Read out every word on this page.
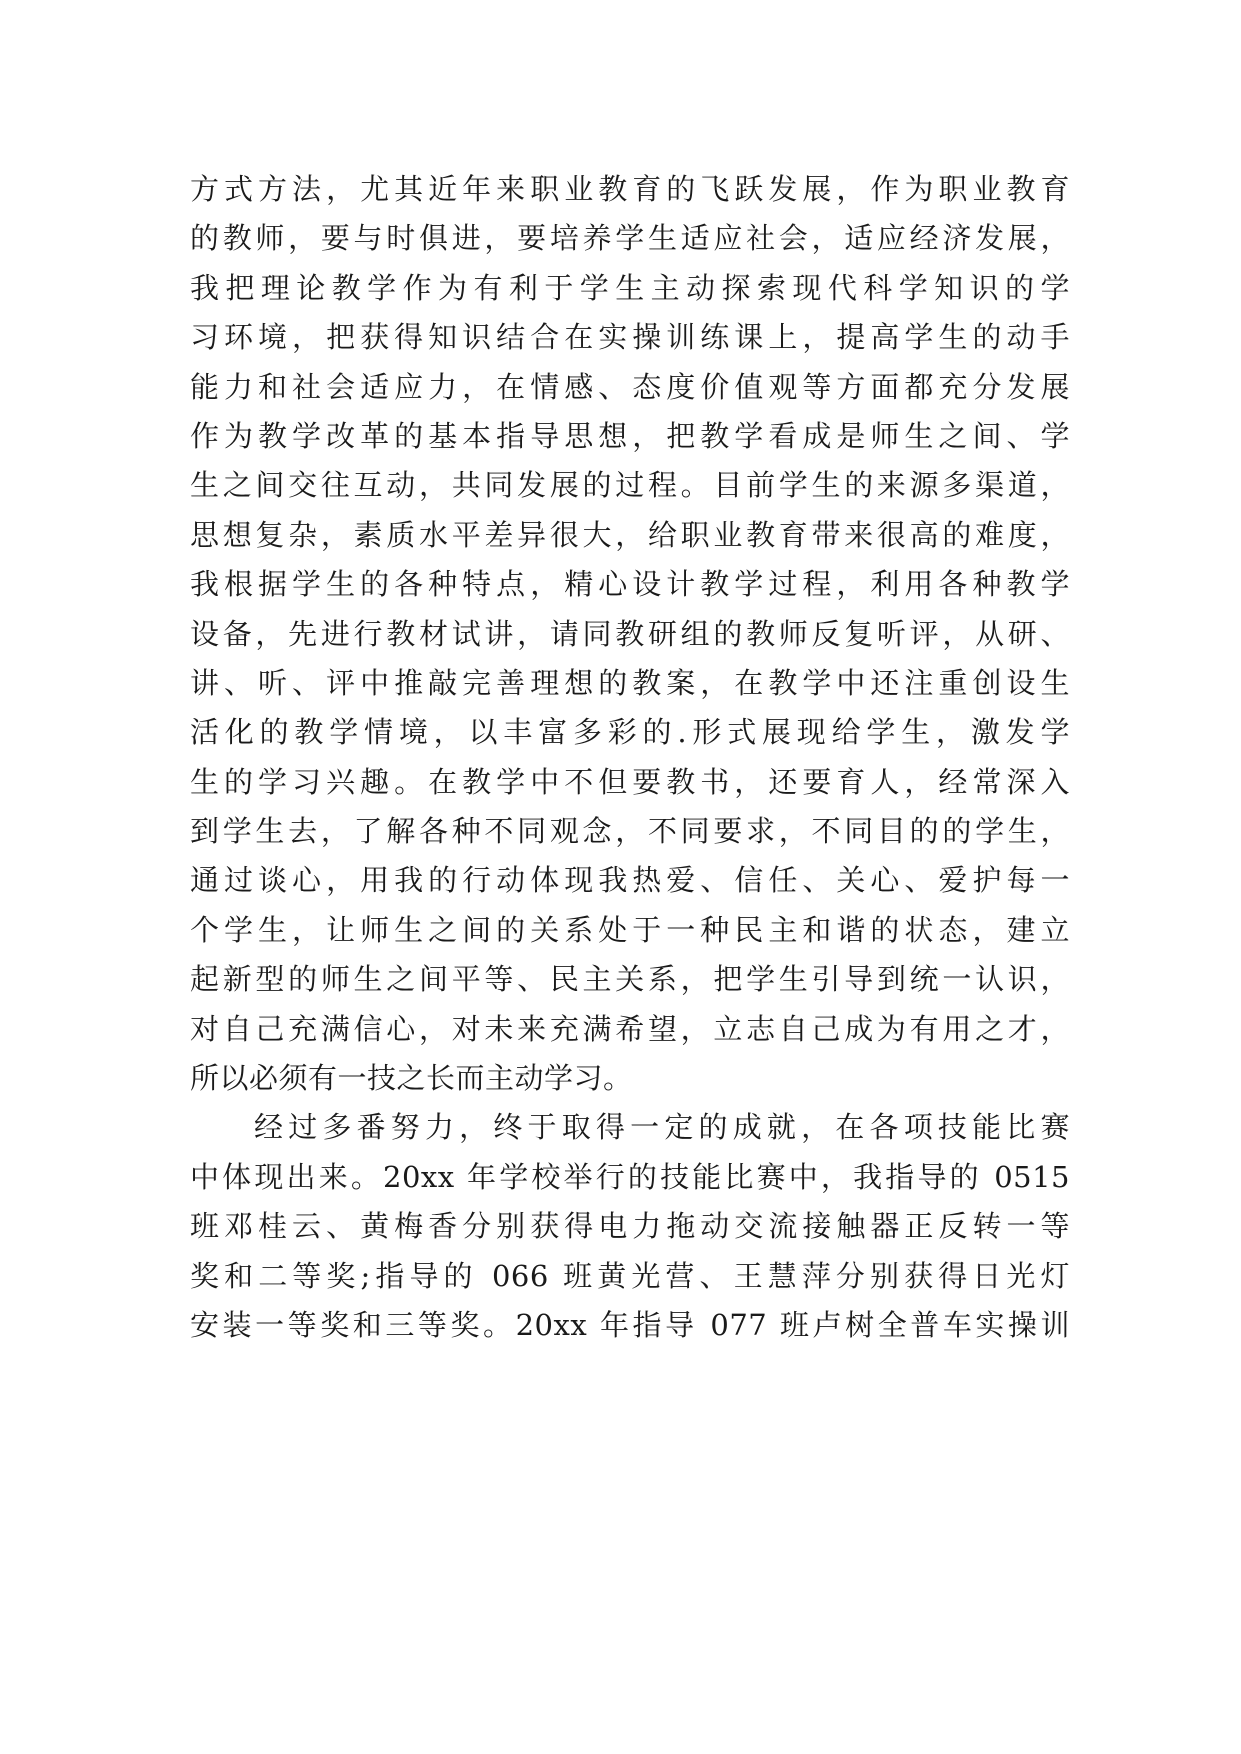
方式方法，尤其近年来职业教育的飞跃发展，作为职业教育
的教师，要与时俱进，要培养学生适应社会，适应经济发展，
我把理论教学作为有利于学生主动探索现代科学知识的学
习环境，把获得知识结合在实操训练课上，提高学生的动手
能力和社会适应力，在情感、态度价值观等方面都充分发展
作为教学改革的基本指导思想，把教学看成是师生之间、学
生之间交往互动，共同发展的过程。目前学生的来源多渠道，
思想复杂，素质水平差异很大，给职业教育带来很高的难度，
我根据学生的各种特点，精心设计教学过程，利用各种教学
设备，先进行教材试讲，请同教研组的教师反复听评，从研、
讲、听、评中推敲完善理想的教案，在教学中还注重创设生
活化的教学情境，以丰富多彩的.形式展现给学生，激发学
生的学习兴趣。在教学中不但要教书，还要育人，经常深入
到学生去，了解各种不同观念，不同要求，不同目的的学生，
通过谈心，用我的行动体现我热爱、信任、关心、爱护每一
个学生，让师生之间的关系处于一种民主和谐的状态，建立
起新型的师生之间平等、民主关系，把学生引导到统一认识，
对自己充满信心，对未来充满希望，立志自己成为有用之才，
所以必须有一技之长而主动学习。
经过多番努力，终于取得一定的成就，在各项技能比赛
中体现出来。20xx 年学校举行的技能比赛中，我指导的 0515
班邓桂云、黄梅香分别获得电力拖动交流接触器正反转一等
奖和二等奖;指导的 066 班黄光营、王慧萍分别获得日光灯
安装一等奖和三等奖。20xx 年指导 077 班卢树全普车实操训
